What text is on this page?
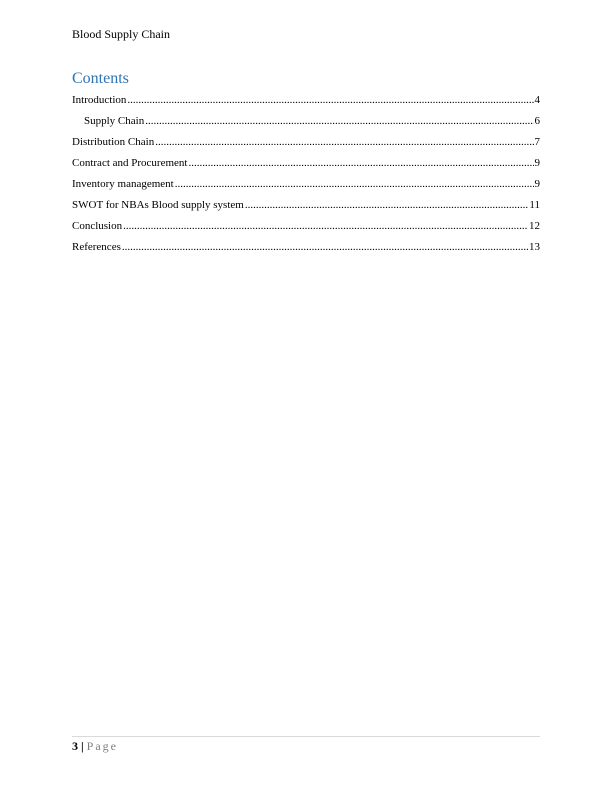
Blood Supply Chain
Contents
Introduction .....	4
Supply Chain .....	6
Distribution Chain .....	7
Contract and Procurement .....	9
Inventory management .....	9
SWOT for NBAs Blood supply system .....	11
Conclusion .....	12
References .....	13
3 | Page
